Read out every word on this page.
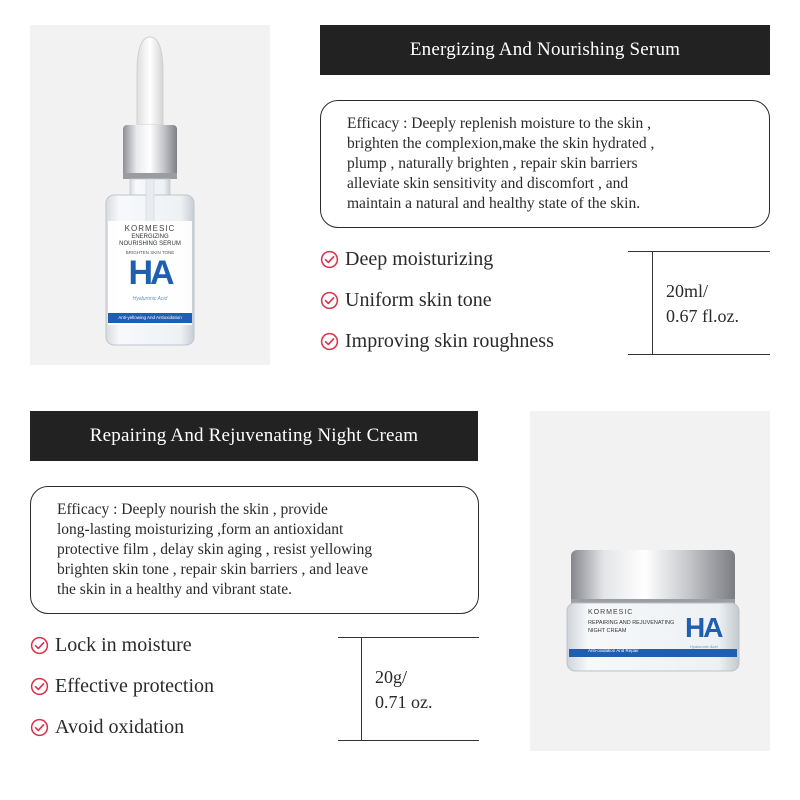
KORMESIC
ENERGIZING
NOURISHING SERUM
BRIGHTEN SKIN TONE
HA
Hyaluronic Acid
Anti-yellowing And Antioxidation
Energizing And Nourishing Serum
Efficacy : Deeply replenish moisture to the skin ,
brighten the complexion,make the skin hydrated ,
plump , naturally brighten , repair skin barriers
alleviate skin sensitivity and discomfort , and
maintain a natural and healthy state of the skin.
Deep moisturizing
Uniform skin tone
Improving skin roughness
20ml/
0.67 fl.oz.
Repairing And Rejuvenating Night Cream
Efficacy : Deeply nourish the skin , provide
long-lasting moisturizing ,form an antioxidant
protective film , delay skin aging , resist yellowing
brighten skin tone , repair skin barriers , and leave
the skin in a healthy and vibrant state.
Lock in moisture
Effective protection
Avoid oxidation
20g/
0.71 oz.
KORMESIC
REPAIRING AND REJUVENATING
NIGHT CREAM	HA
Hyaluronic Acid
Anti-oxidation And Repair
